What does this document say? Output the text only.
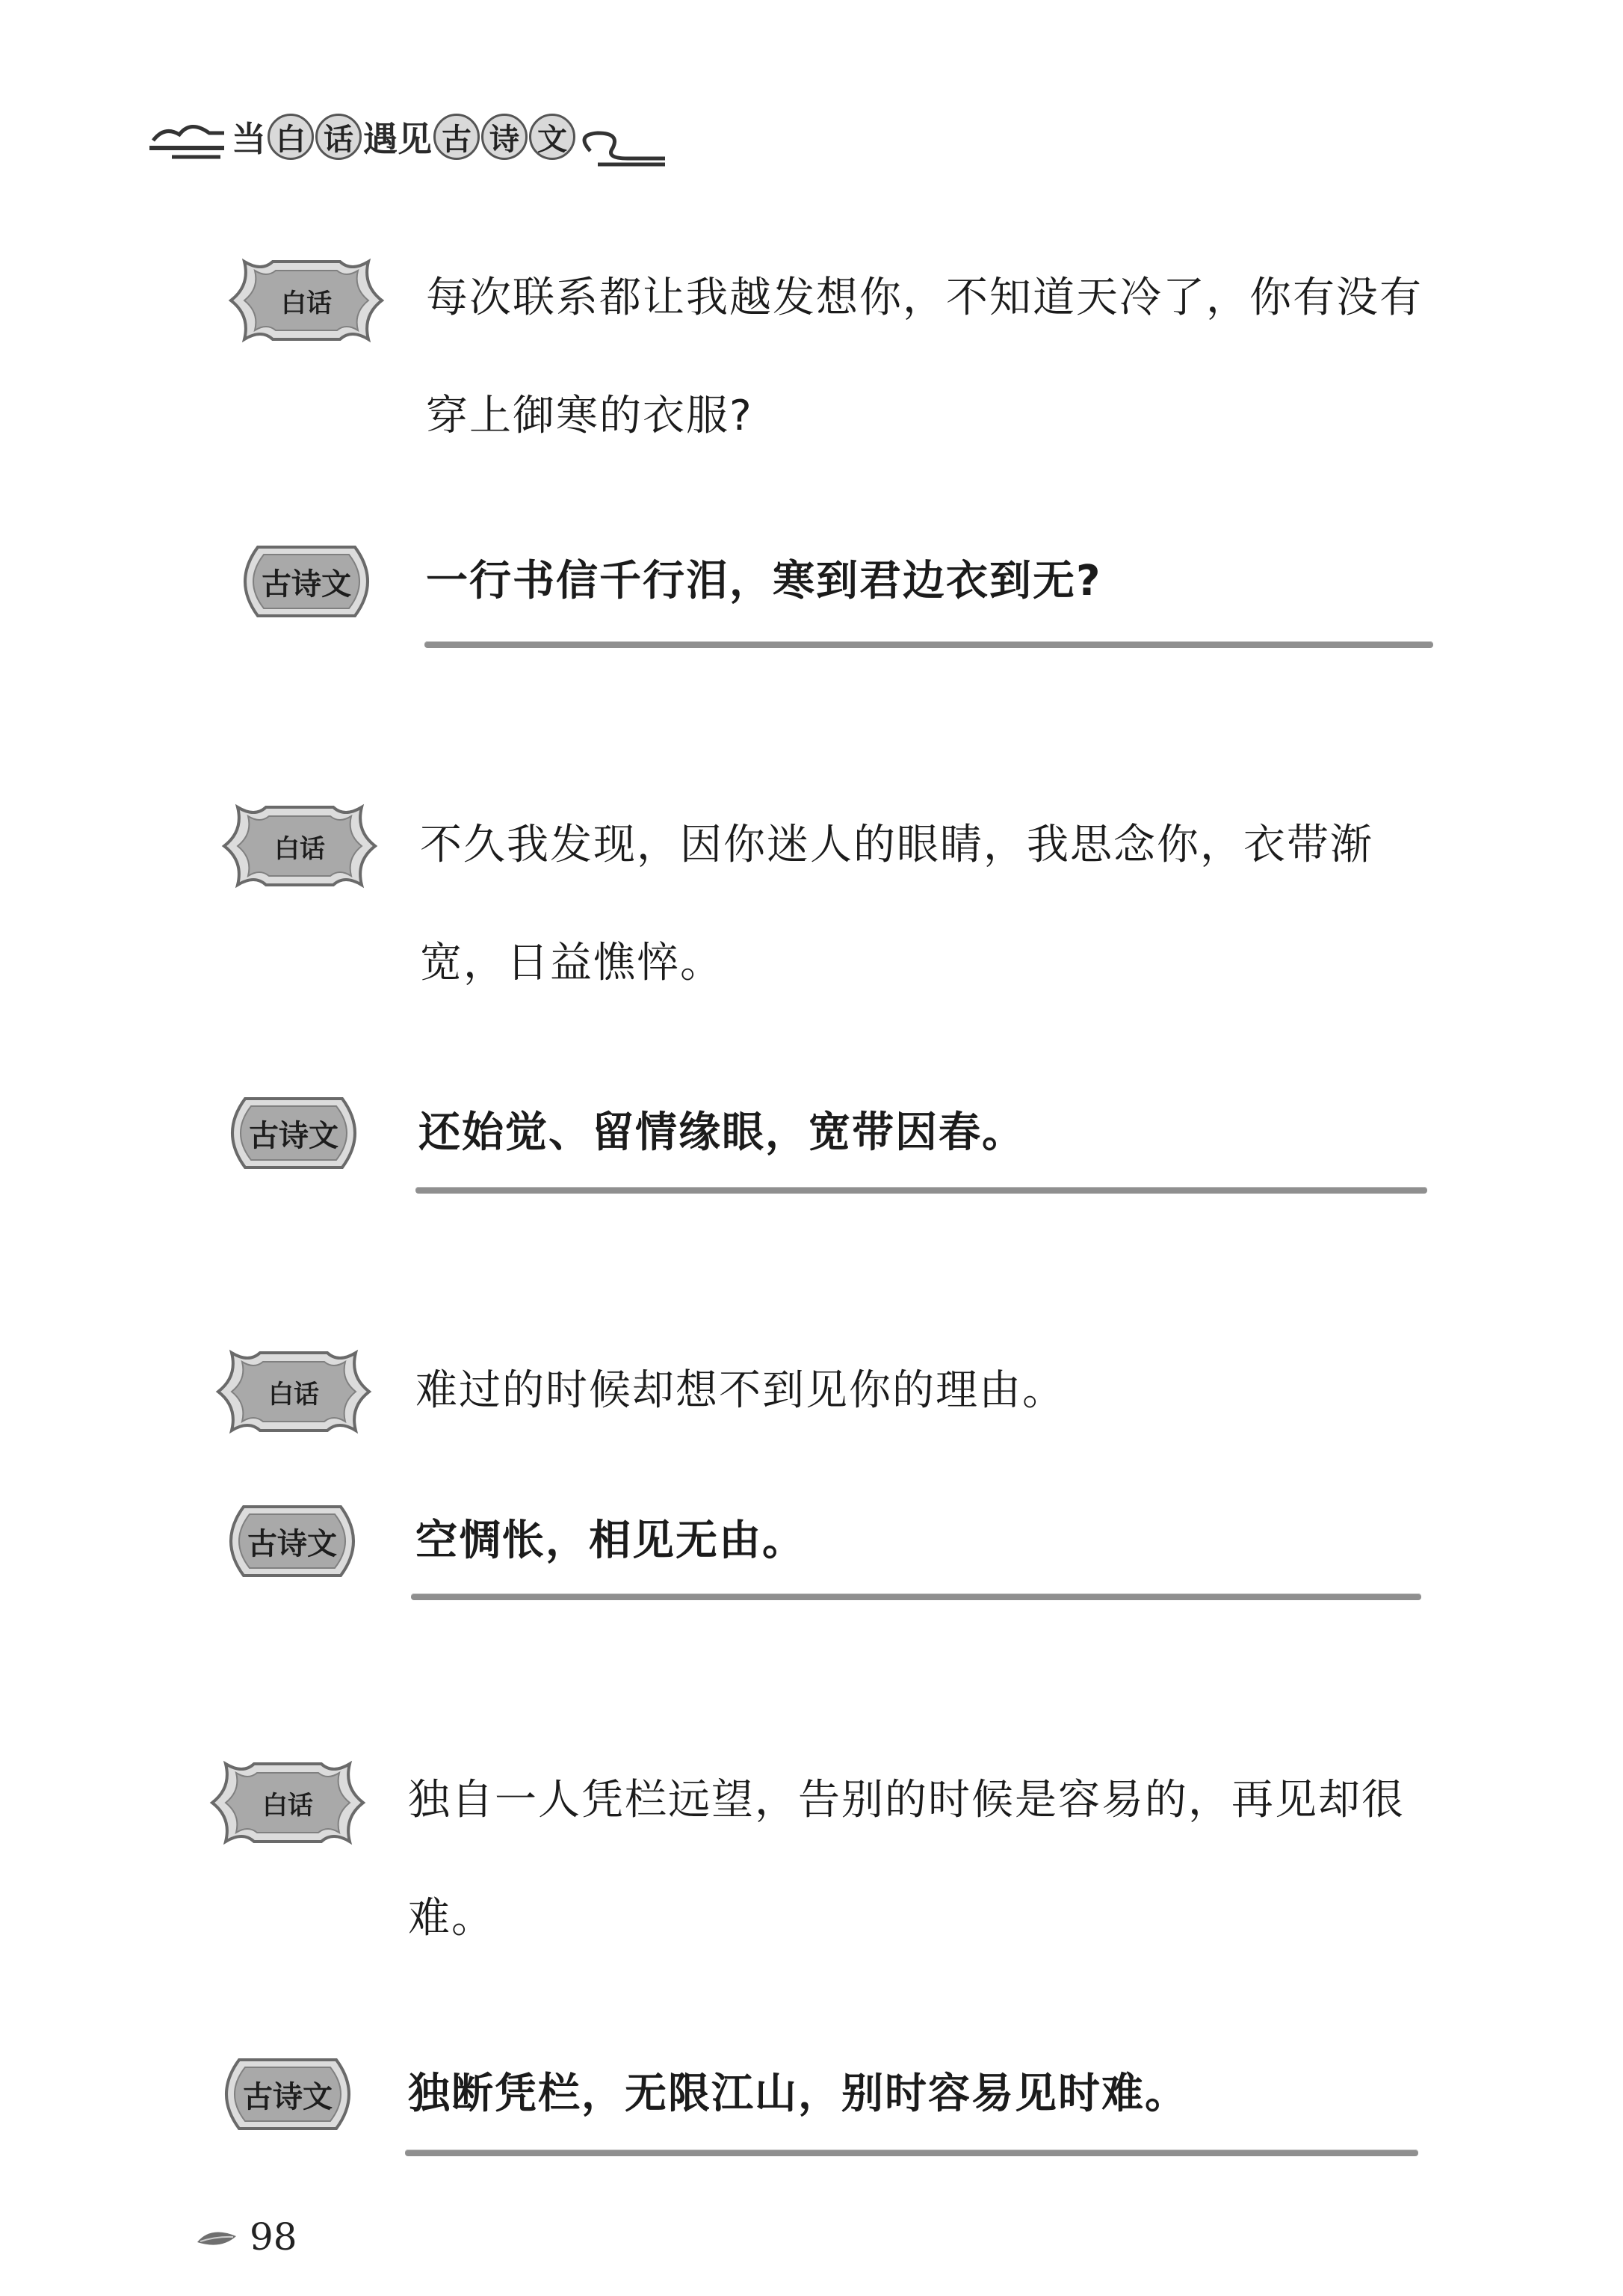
当 白 话 遇见 古 诗 文
白话	每次联系都让我越发想你，不知道天冷了，你有没有穿上御寒的衣服?
古诗文	一行书信千行泪，寒到君边衣到无?
白话	不久我发现，因你迷人的眼睛，我思念你，衣带渐宽，日益憔悴。
古诗文	还始觉、留情缘眼，宽带因春。
白话	难过的时候却想不到见你的理由。
古诗文	空惆怅，相见无由。
白话	独自一人凭栏远望，告别的时候是容易的，再见却很难。
古诗文	独断凭栏，无限江山，别时容易见时难。
98
